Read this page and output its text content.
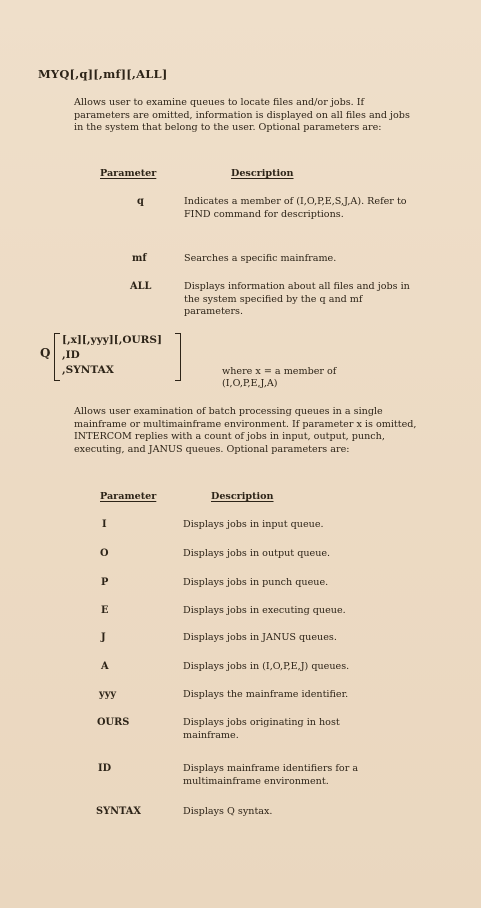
MYQ[,q][,mf][,ALL]
Allows user to examine queues to locate files and/or jobs. If parameters are omitted, information is displayed on all files and jobs in the system that belong to the user. Optional parameters are:
Parameter	Description
q	Indicates a member of (I,O,P,E,S,J,A). Refer to FIND command for descriptions.
mf	Searches a specific mainframe.
ALL	Displays information about all files and jobs in the system specified by the q and mf parameters.
Q
[,x][,yyy][,OURS]
,ID
,SYNTAX	where x = a member of
(I,O,P,E,J,A)
Allows user examination of batch processing queues in a single mainframe or multimainframe environment. If parameter x is omitted, INTERCOM replies with a count of jobs in input, output, punch, executing, and JANUS queues. Optional parameters are:
Parameter	Description
I	Displays jobs in input queue.
O	Displays jobs in output queue.
P	Displays jobs in punch queue.
E	Displays jobs in executing queue.
J	Displays jobs in JANUS queues.
A	Displays jobs in (I,O,P,E,J) queues.
yyy	Displays the mainframe identifier.
OURS	Displays jobs originating in host mainframe.
ID	Displays mainframe identifiers for a multimainframe environment.
SYNTAX	Displays Q syntax.
